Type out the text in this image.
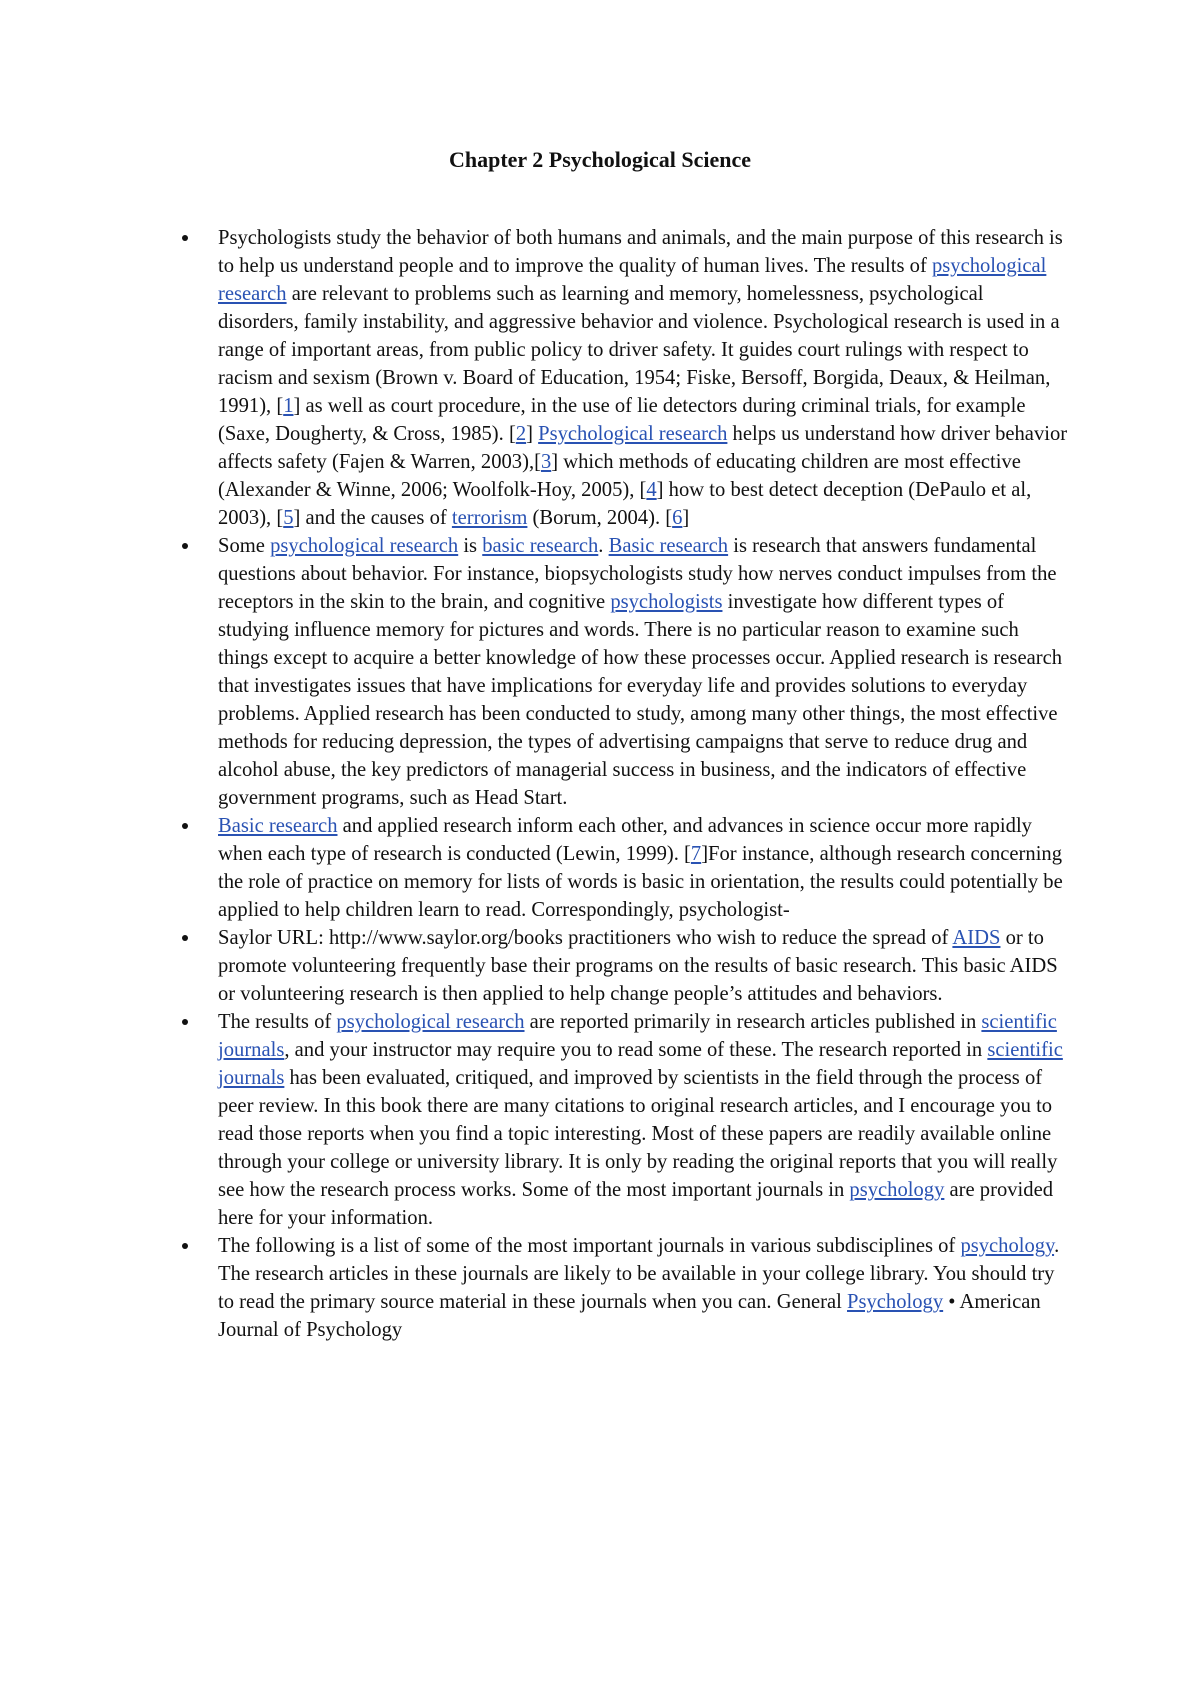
Chapter 2 Psychological Science
Psychologists study the behavior of both humans and animals, and the main purpose of this research is to help us understand people and to improve the quality of human lives. The results of psychological research are relevant to problems such as learning and memory, homelessness, psychological disorders, family instability, and aggressive behavior and violence. Psychological research is used in a range of important areas, from public policy to driver safety. It guides court rulings with respect to racism and sexism (Brown v. Board of Education, 1954; Fiske, Bersoff, Borgida, Deaux, & Heilman, 1991), [1] as well as court procedure, in the use of lie detectors during criminal trials, for example (Saxe, Dougherty, & Cross, 1985). [2] Psychological research helps us understand how driver behavior affects safety (Fajen & Warren, 2003),[3] which methods of educating children are most effective (Alexander & Winne, 2006; Woolfolk-Hoy, 2005), [4] how to best detect deception (DePaulo et al, 2003), [5] and the causes of terrorism (Borum, 2004). [6]
Some psychological research is basic research. Basic research is research that answers fundamental questions about behavior. For instance, biopsychologists study how nerves conduct impulses from the receptors in the skin to the brain, and cognitive psychologists investigate how different types of studying influence memory for pictures and words. There is no particular reason to examine such things except to acquire a better knowledge of how these processes occur. Applied research is research that investigates issues that have implications for everyday life and provides solutions to everyday problems. Applied research has been conducted to study, among many other things, the most effective methods for reducing depression, the types of advertising campaigns that serve to reduce drug and alcohol abuse, the key predictors of managerial success in business, and the indicators of effective government programs, such as Head Start.
Basic research and applied research inform each other, and advances in science occur more rapidly when each type of research is conducted (Lewin, 1999). [7]For instance, although research concerning the role of practice on memory for lists of words is basic in orientation, the results could potentially be applied to help children learn to read. Correspondingly, psychologist-
Saylor URL: http://www.saylor.org/books practitioners who wish to reduce the spread of AIDS or to promote volunteering frequently base their programs on the results of basic research. This basic AIDS or volunteering research is then applied to help change people’s attitudes and behaviors.
The results of psychological research are reported primarily in research articles published in scientific journals, and your instructor may require you to read some of these. The research reported in scientific journals has been evaluated, critiqued, and improved by scientists in the field through the process of peer review. In this book there are many citations to original research articles, and I encourage you to read those reports when you find a topic interesting. Most of these papers are readily available online through your college or university library. It is only by reading the original reports that you will really see how the research process works. Some of the most important journals in psychology are provided here for your information.
The following is a list of some of the most important journals in various subdisciplines of psychology. The research articles in these journals are likely to be available in your college library. You should try to read the primary source material in these journals when you can. General Psychology • American Journal of Psychology
